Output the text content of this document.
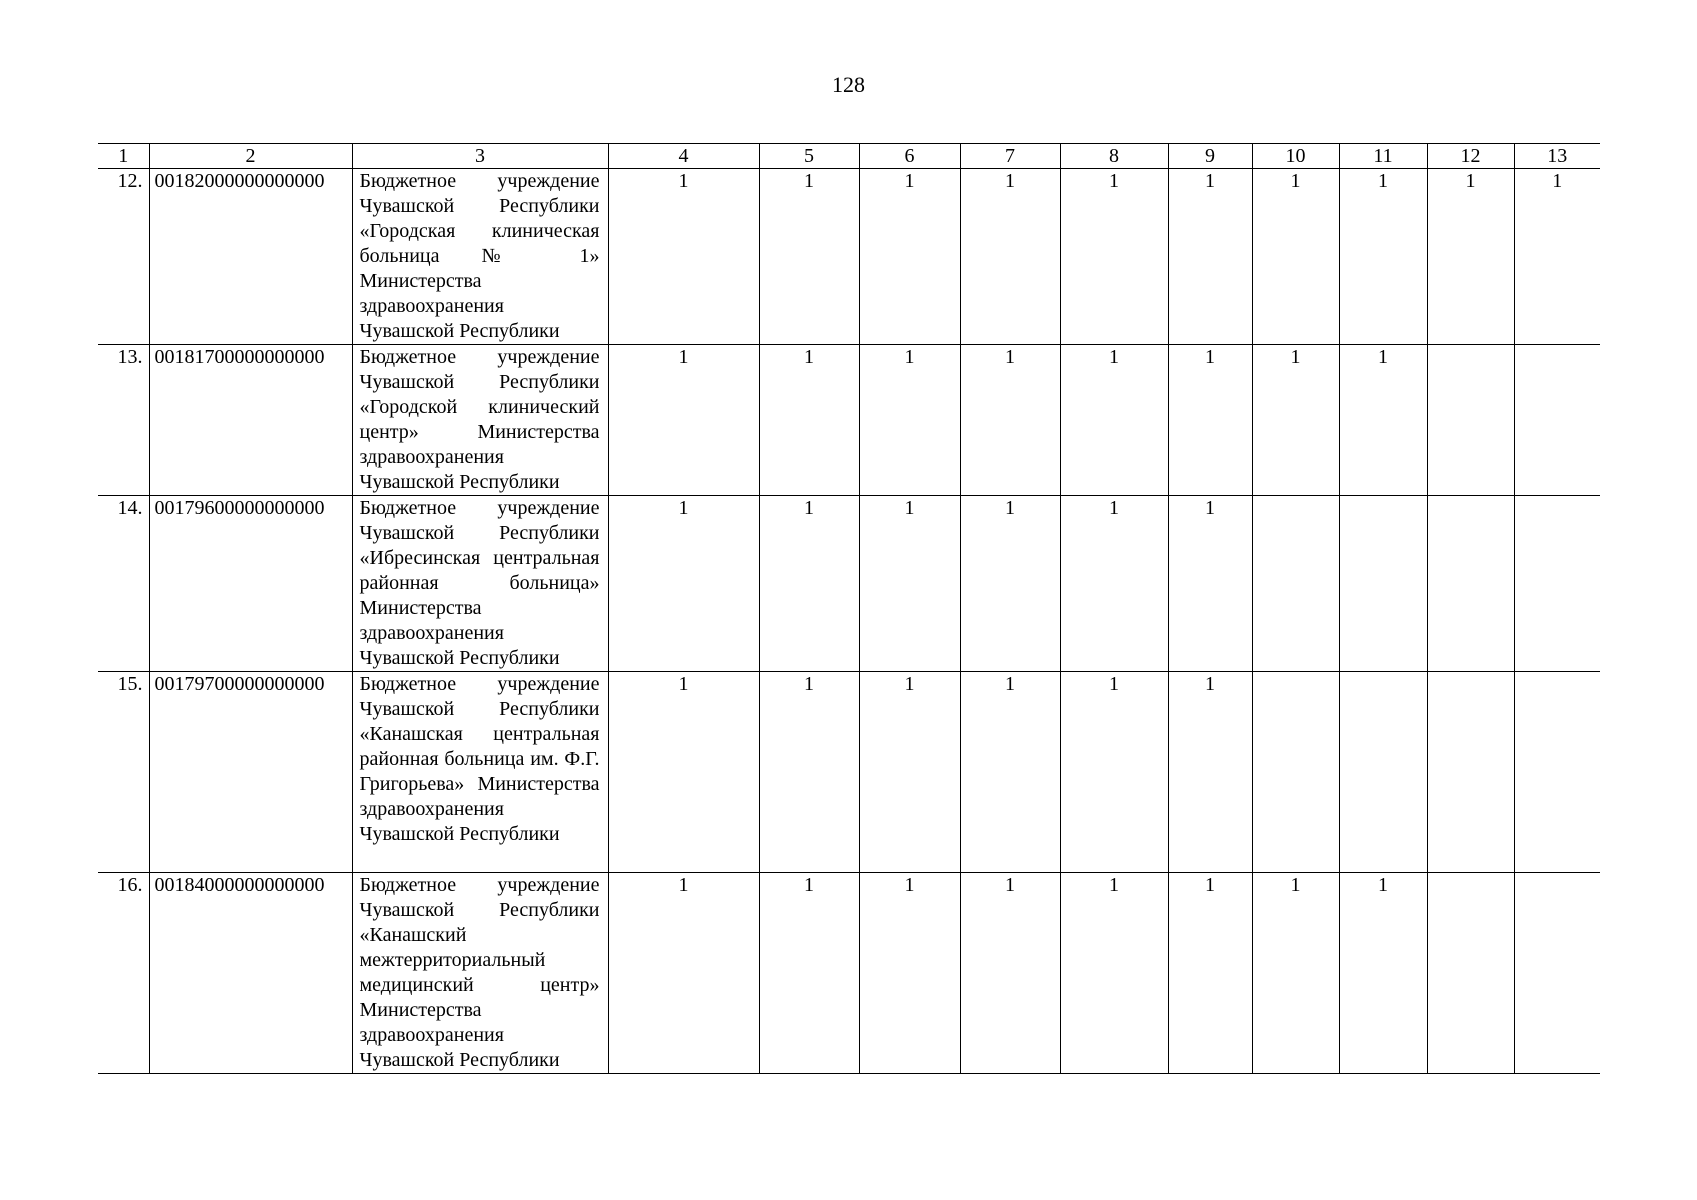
128
1	2	3	4	5	6	7	8	9	10	11	12	13
12.	00182000000000000	Бюджетное учреждение Чувашской Республики «Городская клиническая больница № 1» Министерства здравоохранения Чувашской Республики	1	1	1	1	1	1	1	1	1	1
13.	00181700000000000	Бюджетное учреждение Чувашской Республики «Городской клинический центр» Министерства здравоохранения Чувашской Республики	1	1	1	1	1	1	1	1		
14.	00179600000000000	Бюджетное учреждение Чувашской Республики «Ибресинская центральная районная больница» Министерства здравоохранения Чувашской Республики	1	1	1	1	1	1				
15.	00179700000000000	Бюджетное учреждение Чувашской Республики «Канашская центральная районная больница им. Ф.Г. Григорьева» Министерства здравоохранения Чувашской Республики	1	1	1	1	1	1				
16.	00184000000000000	Бюджетное учреждение Чувашской Республики «Канашский межтерриториальный медицинский центр» Министерства здравоохранения Чувашской Республики	1	1	1	1	1	1	1	1		
